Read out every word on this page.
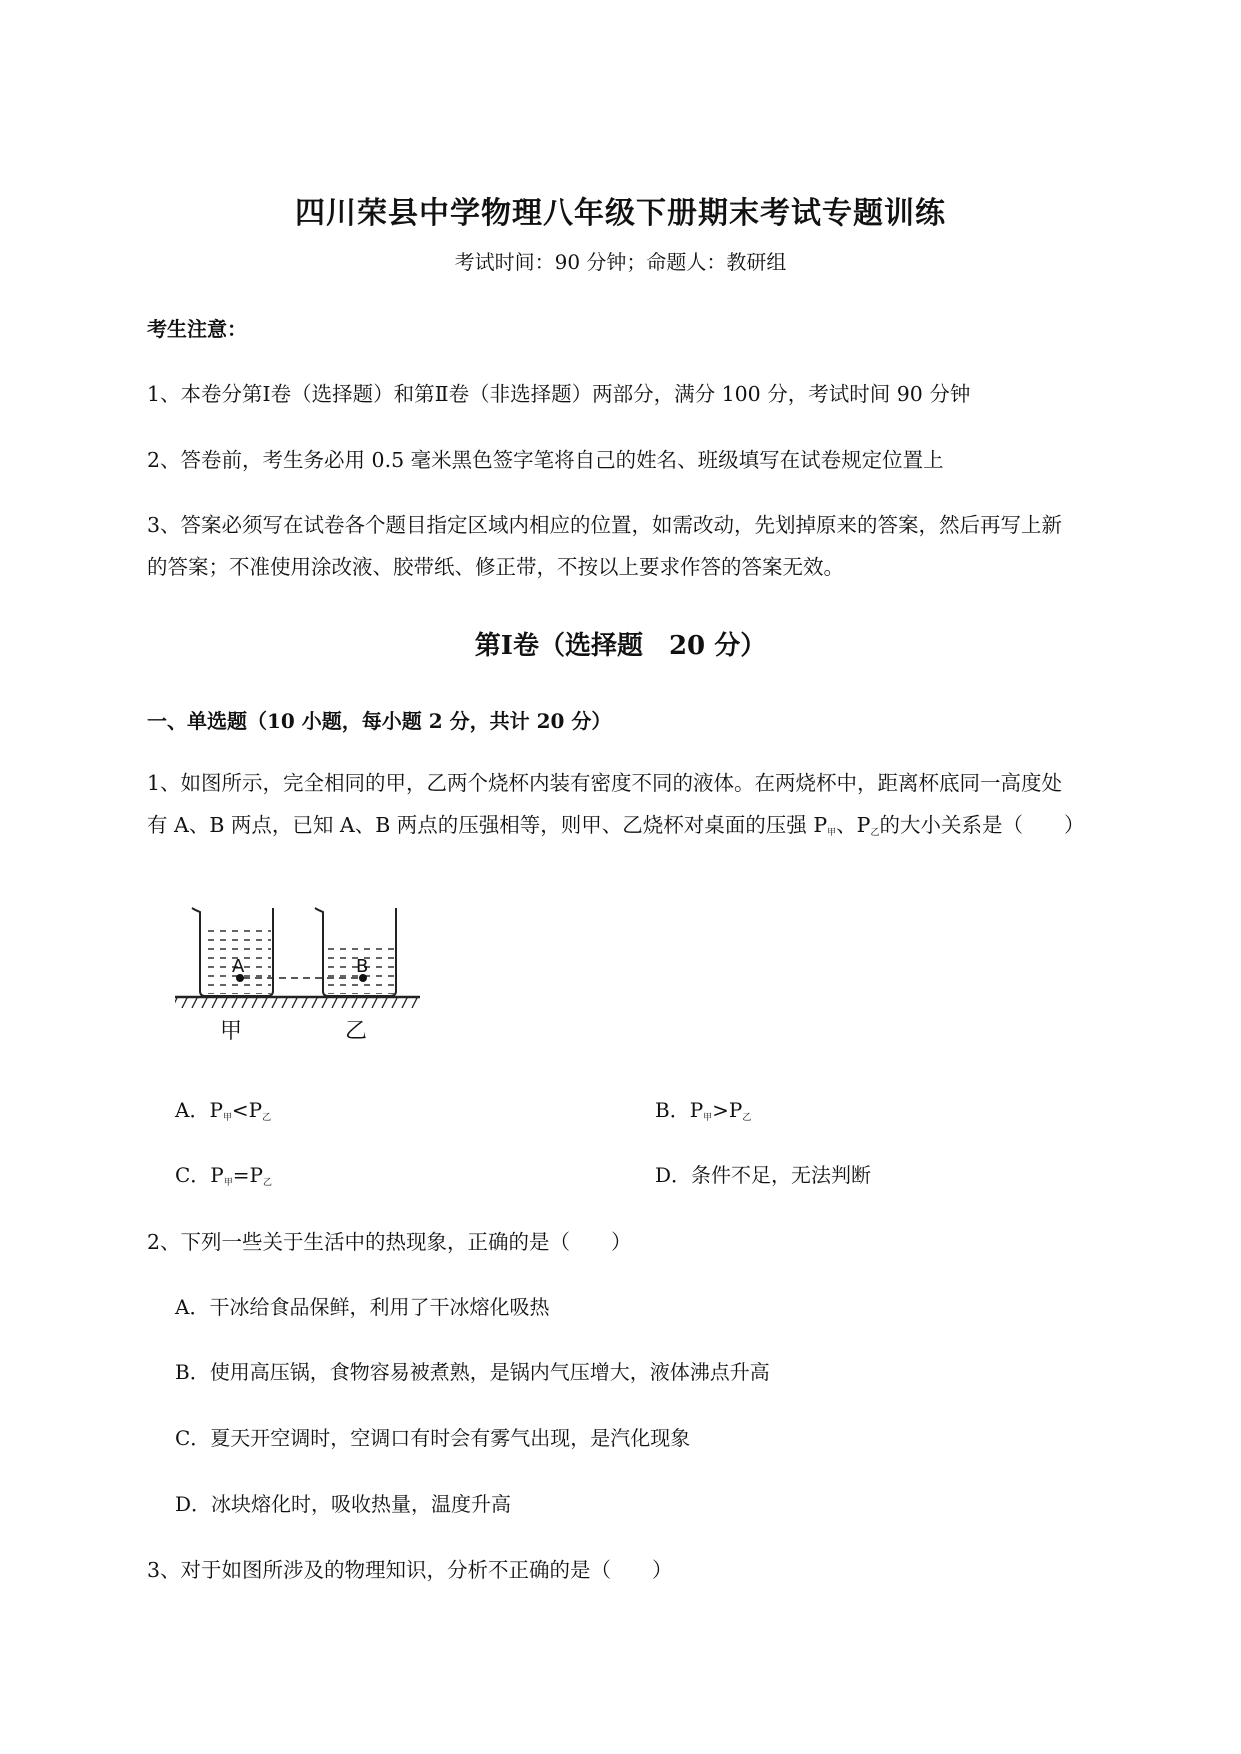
四川荣县中学物理八年级下册期末考试专题训练
考试时间：90 分钟；命题人：教研组
考生注意：
1、本卷分第Ⅰ卷（选择题）和第Ⅱ卷（非选择题）两部分，满分 100 分，考试时间 90 分钟
2、答卷前，考生务必用 0.5 毫米黑色签字笔将自己的姓名、班级填写在试卷规定位置上
3、答案必须写在试卷各个题目指定区域内相应的位置，如需改动，先划掉原来的答案，然后再写上新
的答案；不准使用涂改液、胶带纸、修正带，不按以上要求作答的答案无效。
第Ⅰ卷（选择题　20 分）
一、单选题（10 小题，每小题 2 分，共计 20 分）
1、如图所示，完全相同的甲，乙两个烧杯内装有密度不同的液体。在两烧杯中，距离杯底同一高度处
有 A、B 两点，已知 A、B 两点的压强相等，则甲、乙烧杯对桌面的压强 $P_甲$、$P_乙$的大小关系是（　　）
A	B
甲	乙
A．$P_甲<P_乙$	B．$P_甲>P_乙$
C．$P_甲=P_乙$	D．条件不足，无法判断
2、下列一些关于生活中的热现象，正确的是（　　）
A．干冰给食品保鲜，利用了干冰熔化吸热
B．使用高压锅，食物容易被煮熟，是锅内气压增大，液体沸点升高
C．夏天开空调时，空调口有时会有雾气出现，是汽化现象
D．冰块熔化时，吸收热量，温度升高
3、对于如图所涉及的物理知识，分析不正确的是（　　）
